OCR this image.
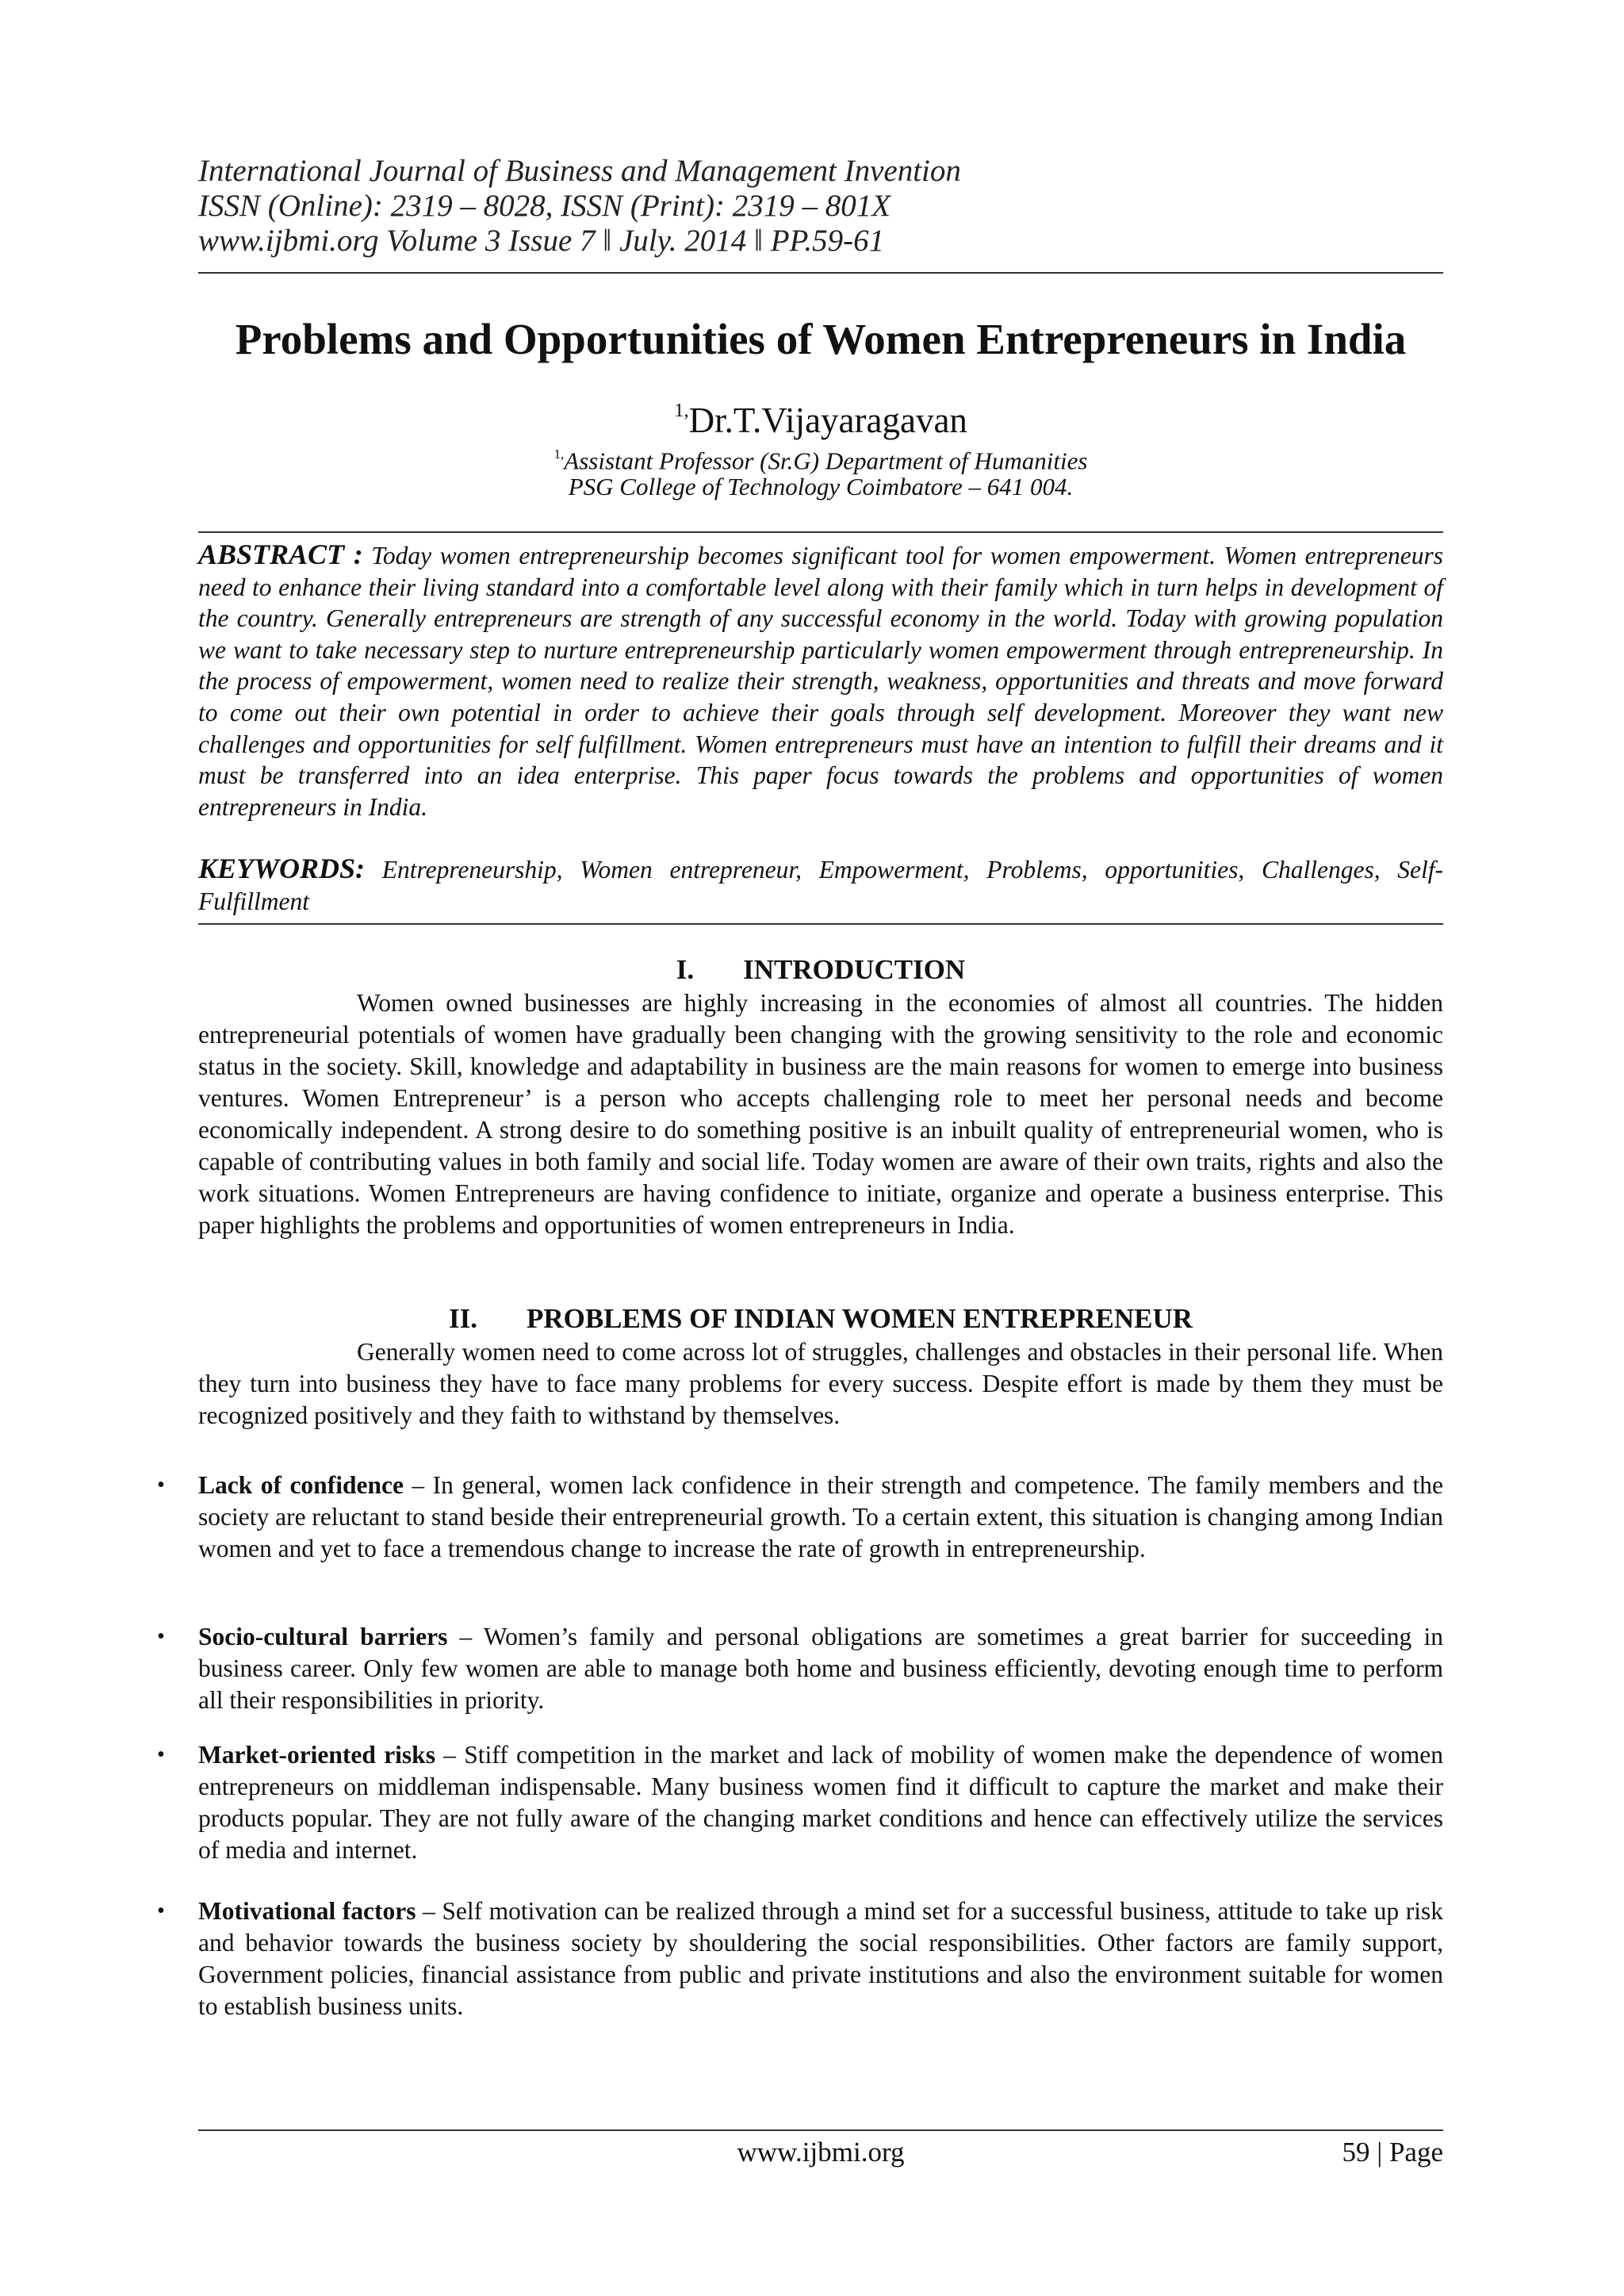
International Journal of Business and Management Invention
ISSN (Online): 2319 – 8028, ISSN (Print): 2319 – 801X
www.ijbmi.org Volume 3 Issue 7 ǁ July. 2014 ǁ PP.59-61
Problems and Opportunities of Women Entrepreneurs in India
$^{1,}$Dr.T.Vijayaragavan
$^{1,}$Assistant Professor (Sr.G) Department of Humanities
PSG College of Technology Coimbatore – 641 004.
ABSTRACT : Today women entrepreneurship becomes significant tool for women empowerment. Women entrepreneurs need to enhance their living standard into a comfortable level along with their family which in turn helps in development of the country. Generally entrepreneurs are strength of any successful economy in the world. Today with growing population we want to take necessary step to nurture entrepreneurship particularly women empowerment through entrepreneurship. In the process of empowerment, women need to realize their strength, weakness, opportunities and threats and move forward to come out their own potential in order to achieve their goals through self development. Moreover they want new challenges and opportunities for self fulfillment. Women entrepreneurs must have an intention to fulfill their dreams and it must be transferred into an idea enterprise. This paper focus towards the problems and opportunities of women entrepreneurs in India.
KEYWORDS: Entrepreneurship, Women entrepreneur, Empowerment, Problems, opportunities, Challenges, Self-Fulfillment
I. INTRODUCTION
Women owned businesses are highly increasing in the economies of almost all countries. The hidden entrepreneurial potentials of women have gradually been changing with the growing sensitivity to the role and economic status in the society. Skill, knowledge and adaptability in business are the main reasons for women to emerge into business ventures. Women Entrepreneur’ is a person who accepts challenging role to meet her personal needs and become economically independent. A strong desire to do something positive is an inbuilt quality of entrepreneurial women, who is capable of contributing values in both family and social life. Today women are aware of their own traits, rights and also the work situations. Women Entrepreneurs are having confidence to initiate, organize and operate a business enterprise. This paper highlights the problems and opportunities of women entrepreneurs in India.
II. PROBLEMS OF INDIAN WOMEN ENTREPRENEUR
Generally women need to come across lot of struggles, challenges and obstacles in their personal life. When they turn into business they have to face many problems for every success. Despite effort is made by them they must be recognized positively and they faith to withstand by themselves.
• Lack of confidence – In general, women lack confidence in their strength and competence. The family members and the society are reluctant to stand beside their entrepreneurial growth. To a certain extent, this situation is changing among Indian women and yet to face a tremendous change to increase the rate of growth in entrepreneurship.
• Socio-cultural barriers – Women’s family and personal obligations are sometimes a great barrier for succeeding in business career. Only few women are able to manage both home and business efficiently, devoting enough time to perform all their responsibilities in priority.
• Market-oriented risks – Stiff competition in the market and lack of mobility of women make the dependence of women entrepreneurs on middleman indispensable. Many business women find it difficult to capture the market and make their products popular. They are not fully aware of the changing market conditions and hence can effectively utilize the services of media and internet.
• Motivational factors – Self motivation can be realized through a mind set for a successful business, attitude to take up risk and behavior towards the business society by shouldering the social responsibilities. Other factors are family support, Government policies, financial assistance from public and private institutions and also the environment suitable for women to establish business units.
www.ijbmi.org	59 | Page
